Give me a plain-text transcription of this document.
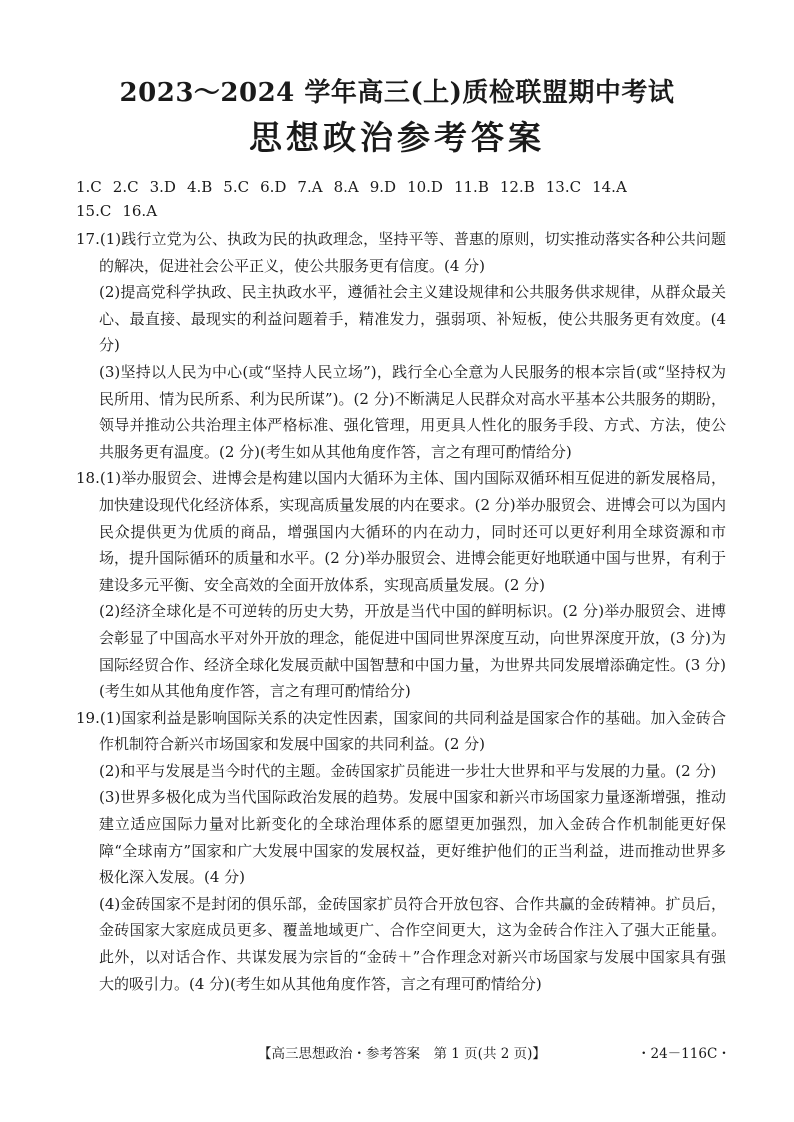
2023～2024 学年高三(上)质检联盟期中考试
思想政治参考答案
1.C 2.C 3.D 4.B 5.C 6.D 7.A 8.A 9.D 10.D 11.B 12.B 13.C 14.A
15.C 16.A

17.(1)践行立党为公、执政为民的执政理念，坚持平等、普惠的原则，切实推动落实各种公共问题的解决，促进社会公平正义，使公共服务更有信度。(4 分)

(2)提高党科学执政、民主执政水平，遵循社会主义建设规律和公共服务供求规律，从群众最关心、最直接、最现实的利益问题着手，精准发力，强弱项、补短板，使公共服务更有效度。(4 分)

(3)坚持以人民为中心(或“坚持人民立场”)，践行全心全意为人民服务的根本宗旨(或“坚持权为民所用、情为民所系、利为民所谋”)。(2 分)不断满足人民群众对高水平基本公共服务的期盼，领导并推动公共治理主体严格标准、强化管理，用更具人性化的服务手段、方式、方法，使公共服务更有温度。(2 分)(考生如从其他角度作答，言之有理可酌情给分)

18.(1)举办服贸会、进博会是构建以国内大循环为主体、国内国际双循环相互促进的新发展格局，加快建设现代化经济体系，实现高质量发展的内在要求。(2 分)举办服贸会、进博会可以为国内民众提供更为优质的商品，增强国内大循环的内在动力，同时还可以更好利用全球资源和市场，提升国际循环的质量和水平。(2 分)举办服贸会、进博会能更好地联通中国与世界，有利于建设多元平衡、安全高效的全面开放体系，实现高质量发展。(2 分)

(2)经济全球化是不可逆转的历史大势，开放是当代中国的鲜明标识。(2 分)举办服贸会、进博会彰显了中国高水平对外开放的理念，能促进中国同世界深度互动，向世界深度开放，(3 分)为国际经贸合作、经济全球化发展贡献中国智慧和中国力量，为世界共同发展增添确定性。(3 分)(考生如从其他角度作答，言之有理可酌情给分)

19.(1)国家利益是影响国际关系的决定性因素，国家间的共同利益是国家合作的基础。加入金砖合作机制符合新兴市场国家和发展中国家的共同利益。(2 分)

(2)和平与发展是当今时代的主题。金砖国家扩员能进一步壮大世界和平与发展的力量。(2 分)

(3)世界多极化成为当代国际政治发展的趋势。发展中国家和新兴市场国家力量逐渐增强，推动建立适应国际力量对比新变化的全球治理体系的愿望更加强烈，加入金砖合作机制能更好保障“全球南方”国家和广大发展中国家的发展权益，更好维护他们的正当利益，进而推动世界多极化深入发展。(4 分)

(4)金砖国家不是封闭的俱乐部，金砖国家扩员符合开放包容、合作共赢的金砖精神。扩员后，金砖国家大家庭成员更多、覆盖地域更广、合作空间更大，这为金砖合作注入了强大正能量。此外，以对话合作、共谋发展为宗旨的“金砖＋”合作理念对新兴市场国家与发展中国家具有强大的吸引力。(4 分)(考生如从其他角度作答，言之有理可酌情给分)

【高三思想政治・参考答案　第 1 页(共 2 页)】	・24－116C・
